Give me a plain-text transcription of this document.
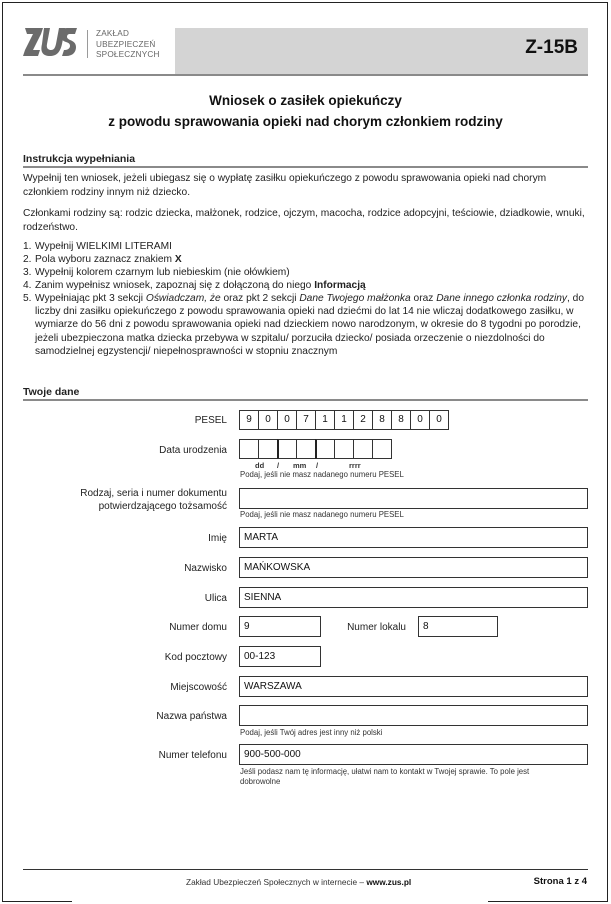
ZAKŁAD
UBEZPIECZEŃ
SPOŁECZNYCH	Z-15B
Wniosek o zasiłek opiekuńczy
z powodu sprawowania opieki nad chorym członkiem rodziny
Instrukcja wypełniania
Wypełnij ten wniosek, jeżeli ubiegasz się o wypłatę zasiłku opiekuńczego z powodu sprawowania opieki nad chorym członkiem rodziny innym niż dziecko.
Członkami rodziny są: rodzic dziecka, małżonek, rodzice, ojczym, macocha, rodzice adopcyjni, teściowie, dziadkowie, wnuki, rodzeństwo.
1. Wypełnij WIELKIMI LITERAMI
2. Pola wyboru zaznacz znakiem X
3. Wypełnij kolorem czarnym lub niebieskim (nie ołówkiem)
4. Zanim wypełnisz wniosek, zapoznaj się z dołączoną do niego Informacją
5. Wypełniając pkt 3 sekcji Oświadczam, że oraz pkt 2 sekcji Dane Twojego małżonka oraz Dane innego członka rodziny, do liczby dni zasiłku opiekuńczego z powodu sprawowania opieki nad dziećmi do lat 14 nie wliczaj dodatkowego zasiłku, w wymiarze do 56 dni z powodu sprawowania opieki nad dzieckiem nowo narodzonym, w okresie do 8 tygodni po porodzie, jeżeli ubezpieczona matka dziecka przebywa w szpitalu/ porzuciła dziecko/ posiada orzeczenie o niezdolności do samodzielnej egzystencji/ niepełnosprawności w stopniu znacznym
Twoje dane
PESEL	9	0	0	7	1	1	2	8	8	0	0
Data urodzenia
dd / mm /	rrrr
Podaj, jeśli nie masz nadanego numeru PESEL
Rodzaj, seria i numer dokumentu
potwierdzającego tożsamość
Podaj, jeśli nie masz nadanego numeru PESEL
Imię	MARTA
Nazwisko	MAŃKOWSKA
Ulica	SIENNA
Numer domu	9	Numer lokalu	8
Kod pocztowy	00-123
Miejscowość	WARSZAWA
Nazwa państwa
Podaj, jeśli Twój adres jest inny niż polski
Numer telefonu	900-500-000
Jeśli podasz nam tę informację, ułatwi nam to kontakt w Twojej sprawie. To pole jest dobrowolne
Zakład Ubezpieczeń Społecznych w internecie – www.zus.pl	Strona 1 z 4
